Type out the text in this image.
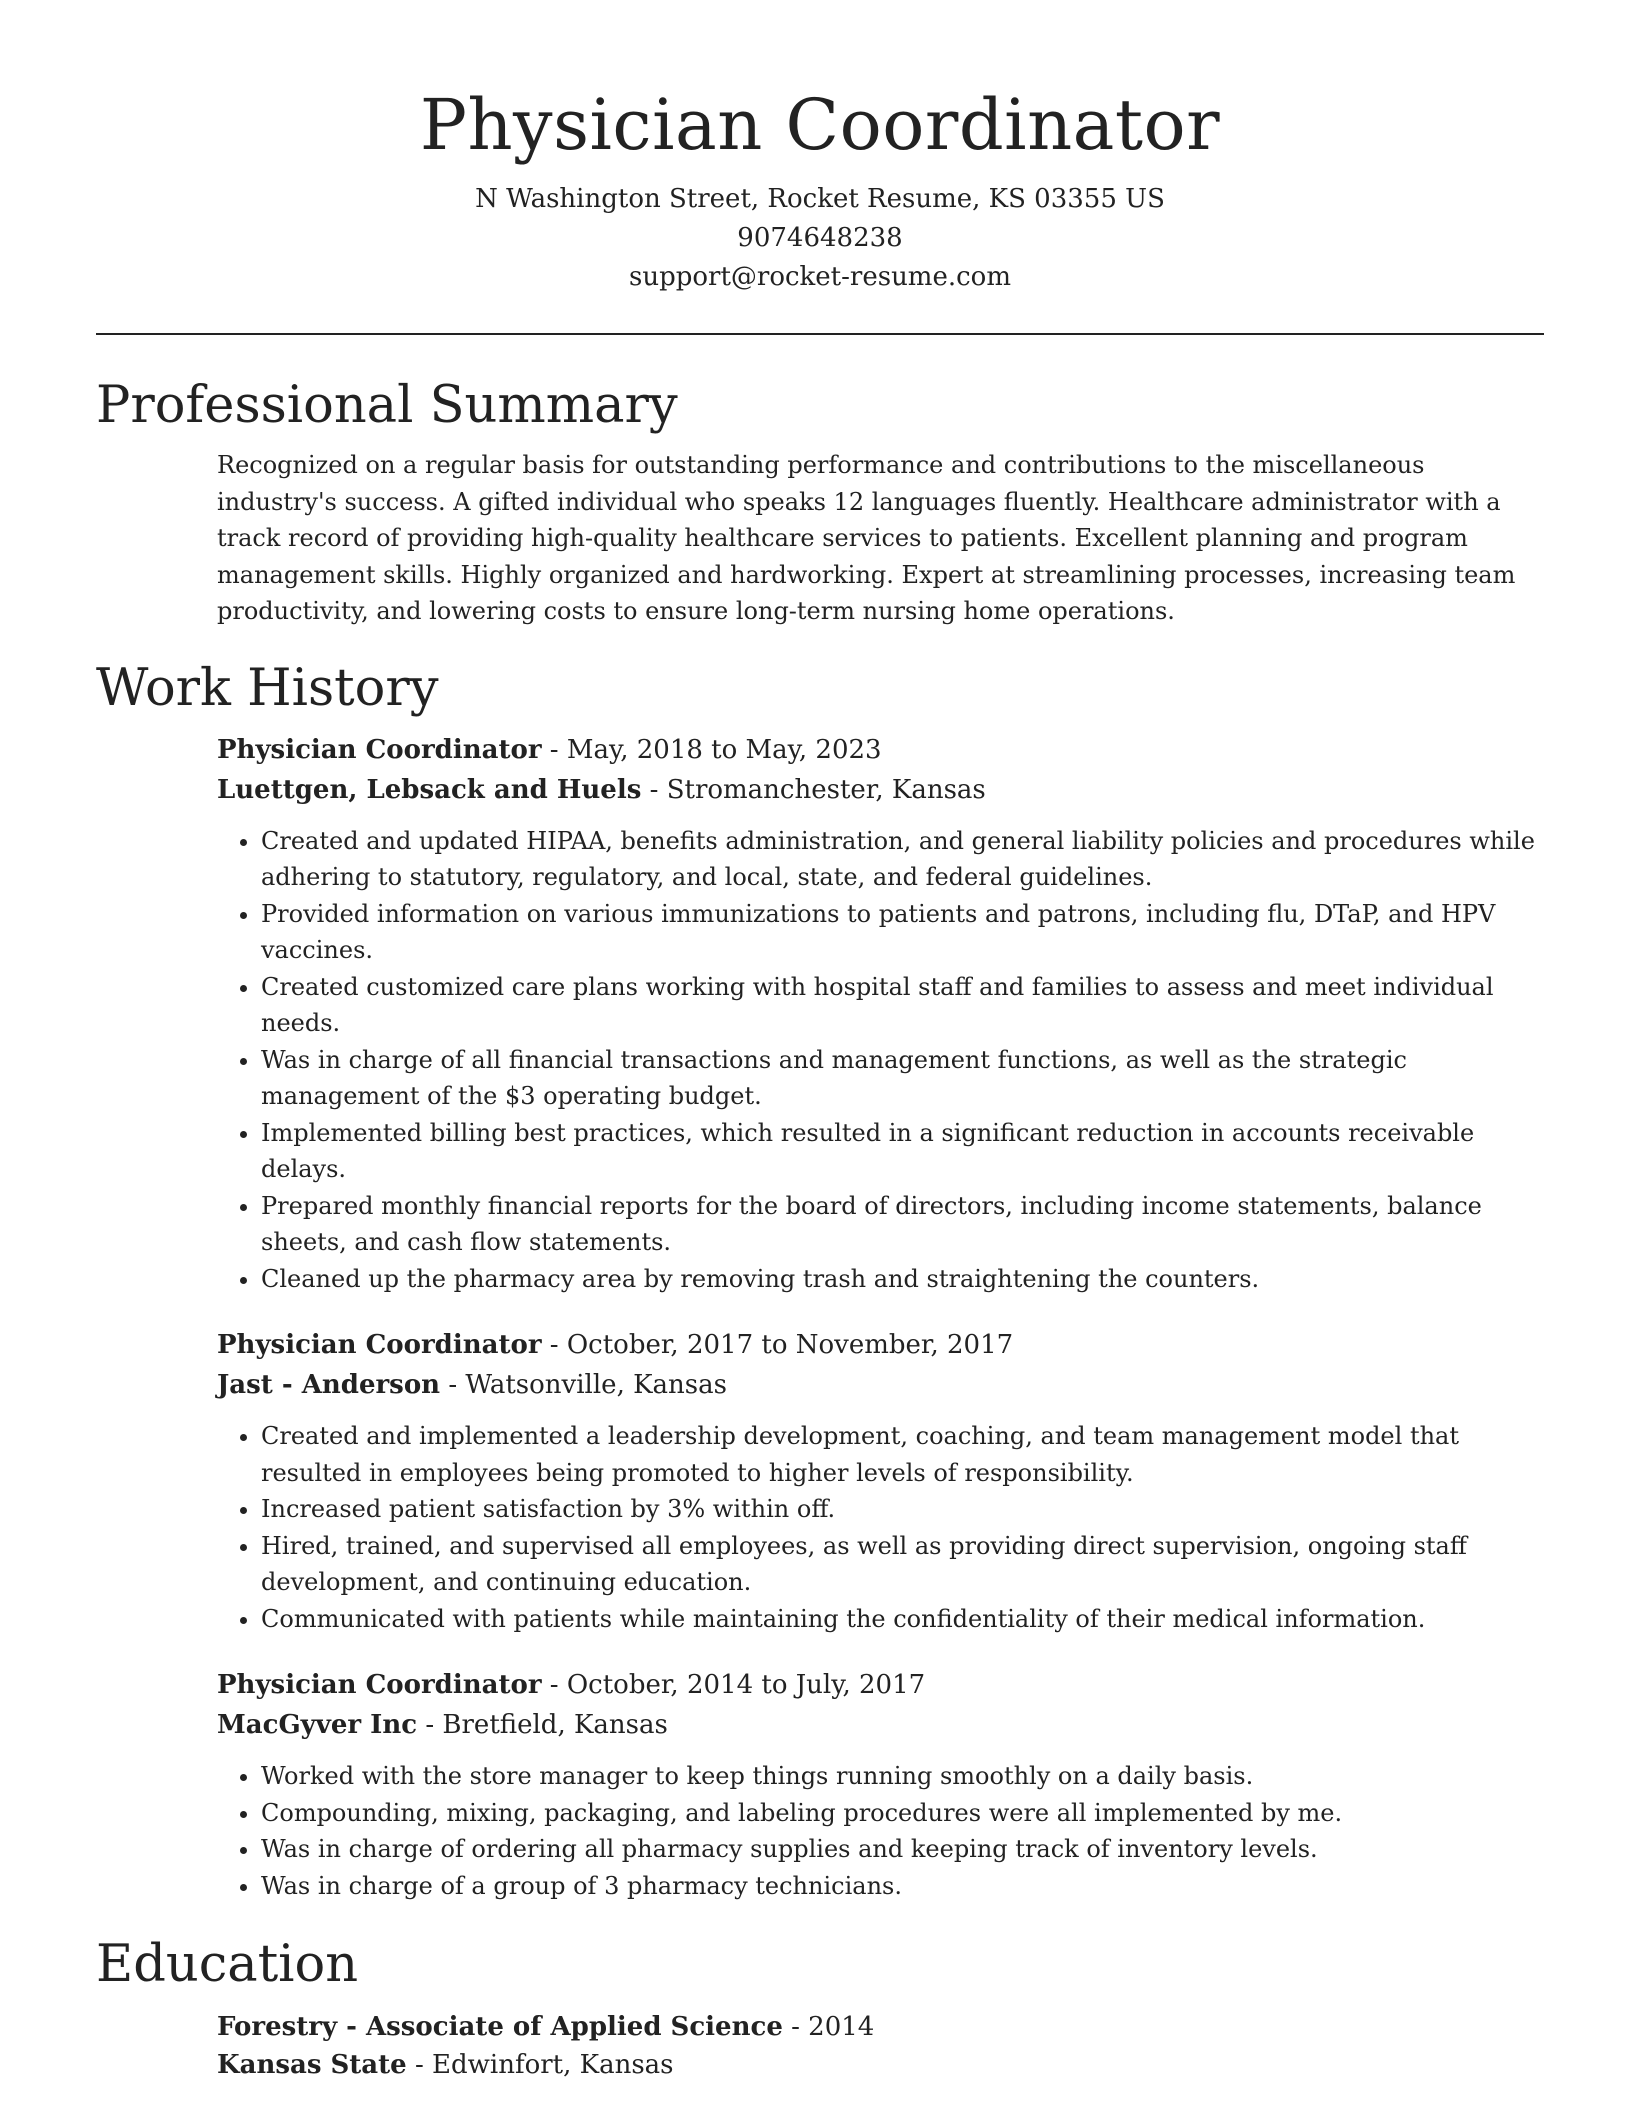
Physician Coordinator
N Washington Street, Rocket Resume, KS 03355 US
9074648238
support@rocket-resume.com
Professional Summary
Recognized on a regular basis for outstanding performance and contributions to the miscellaneous industry's success. A gifted individual who speaks 12 languages fluently. Healthcare administrator with a track record of providing high-quality healthcare services to patients. Excellent planning and program management skills. Highly organized and hardworking. Expert at streamlining processes, increasing team productivity, and lowering costs to ensure long-term nursing home operations.
Work History
Physician Coordinator - May, 2018 to May, 2023
Luettgen, Lebsack and Huels - Stromanchester, Kansas
• Created and updated HIPAA, benefits administration, and general liability policies and procedures while adhering to statutory, regulatory, and local, state, and federal guidelines.
• Provided information on various immunizations to patients and patrons, including flu, DTaP, and HPV vaccines.
• Created customized care plans working with hospital staff and families to assess and meet individual needs.
• Was in charge of all financial transactions and management functions, as well as the strategic management of the $3 operating budget.
• Implemented billing best practices, which resulted in a significant reduction in accounts receivable delays.
• Prepared monthly financial reports for the board of directors, including income statements, balance sheets, and cash flow statements.
• Cleaned up the pharmacy area by removing trash and straightening the counters.
Physician Coordinator - October, 2017 to November, 2017
Jast - Anderson - Watsonville, Kansas
• Created and implemented a leadership development, coaching, and team management model that resulted in employees being promoted to higher levels of responsibility.
• Increased patient satisfaction by 3% within off.
• Hired, trained, and supervised all employees, as well as providing direct supervision, ongoing staff development, and continuing education.
• Communicated with patients while maintaining the confidentiality of their medical information.
Physician Coordinator - October, 2014 to July, 2017
MacGyver Inc - Bretfield, Kansas
• Worked with the store manager to keep things running smoothly on a daily basis.
• Compounding, mixing, packaging, and labeling procedures were all implemented by me.
• Was in charge of ordering all pharmacy supplies and keeping track of inventory levels.
• Was in charge of a group of 3 pharmacy technicians.
Education
Forestry - Associate of Applied Science - 2014
Kansas State - Edwinfort, Kansas
